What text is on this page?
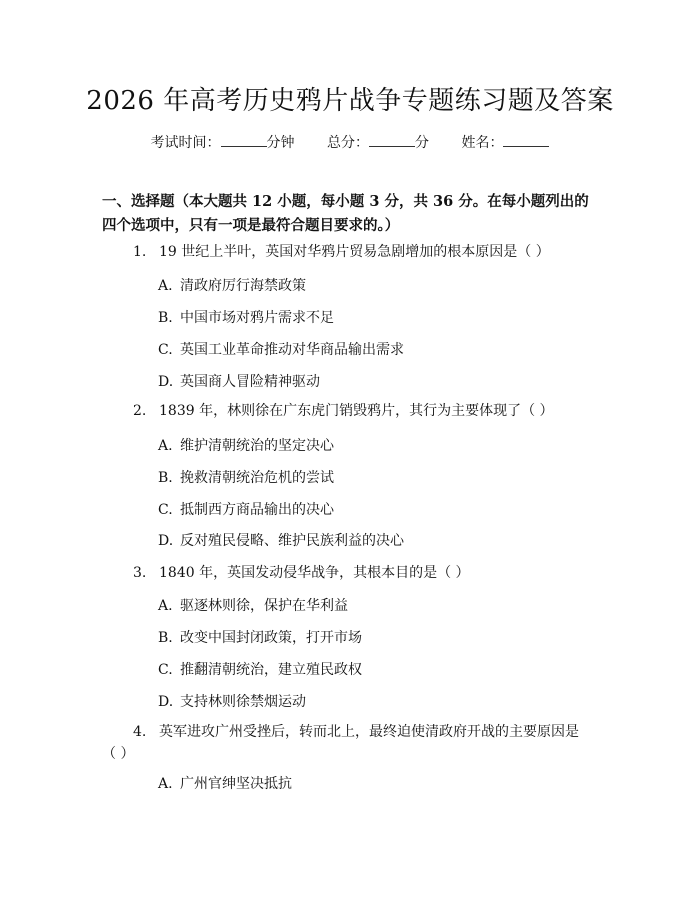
2026 年高考历史鸦片战争专题练习题及答案
考试时间：	分钟 总分：	分 姓名：
一、选择题（本大题共 12 小题，每小题 3 分，共 36 分。在每小题列出的四个选项中，只有一项是最符合题目要求的。）
1. 19 世纪上半叶，英国对华鸦片贸易急剧增加的根本原因是（ ）
A. 清政府厉行海禁政策
B. 中国市场对鸦片需求不足
C. 英国工业革命推动对华商品输出需求
D. 英国商人冒险精神驱动
2. 1839 年，林则徐在广东虎门销毁鸦片，其行为主要体现了（ ）
A. 维护清朝统治的坚定决心
B. 挽救清朝统治危机的尝试
C. 抵制西方商品输出的决心
D. 反对殖民侵略、维护民族利益的决心
3. 1840 年，英国发动侵华战争，其根本目的是（ ）
A. 驱逐林则徐，保护在华利益
B. 改变中国封闭政策，打开市场
C. 推翻清朝统治，建立殖民政权
D. 支持林则徐禁烟运动
4. 英军进攻广州受挫后，转而北上，最终迫使清政府开战的主要原因是
（ ）
A. 广州官绅坚决抵抗
